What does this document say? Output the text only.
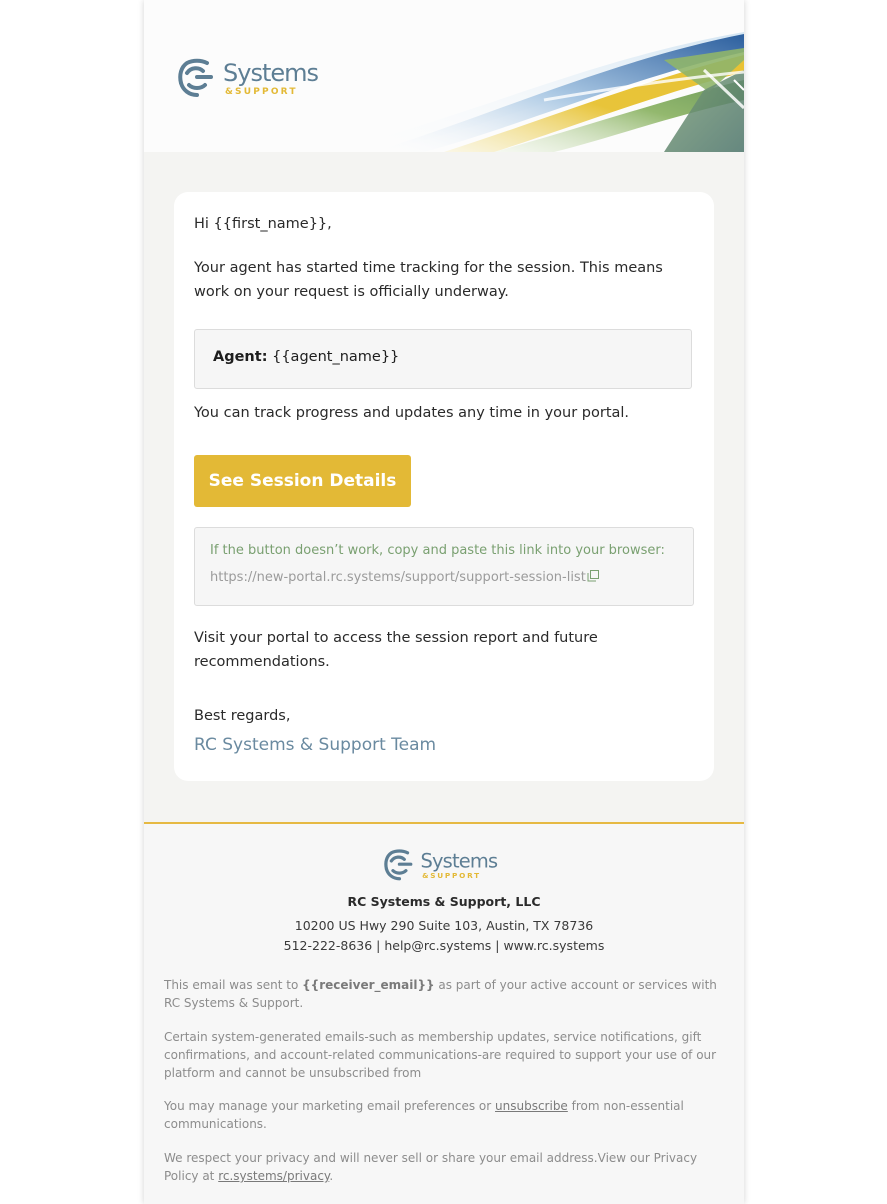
Systems
&SUPPORT

Hi {{first_name}},

Your agent has started time tracking for the session. This means work on your request is officially underway.

Agent: {{agent_name}}

You can track progress and updates any time in your portal.

See Session Details
If the button doesn’t work, copy and paste this link into your browser:
https://new-portal.rc.systems/support/support-session-list

Visit your portal to access the session report and future recommendations.

Best regards,

RC Systems & Support Team
Systems
&SUPPORT
RC Systems & Support, LLC
10200 US Hwy 290 Suite 103, Austin, TX 78736
512-222-8636 | help@rc.systems | www.rc.systems

This email was sent to {{receiver_email}} as part of your active account or services with RC Systems & Support.

Certain system-generated emails-such as membership updates, service notifications, gift confirmations, and account-related communications-are required to support your use of our platform and cannot be unsubscribed from

You may manage your marketing email preferences or unsubscribe from non-essential communications.

We respect your privacy and will never sell or share your email address.View our Privacy Policy at rc.systems/privacy.
